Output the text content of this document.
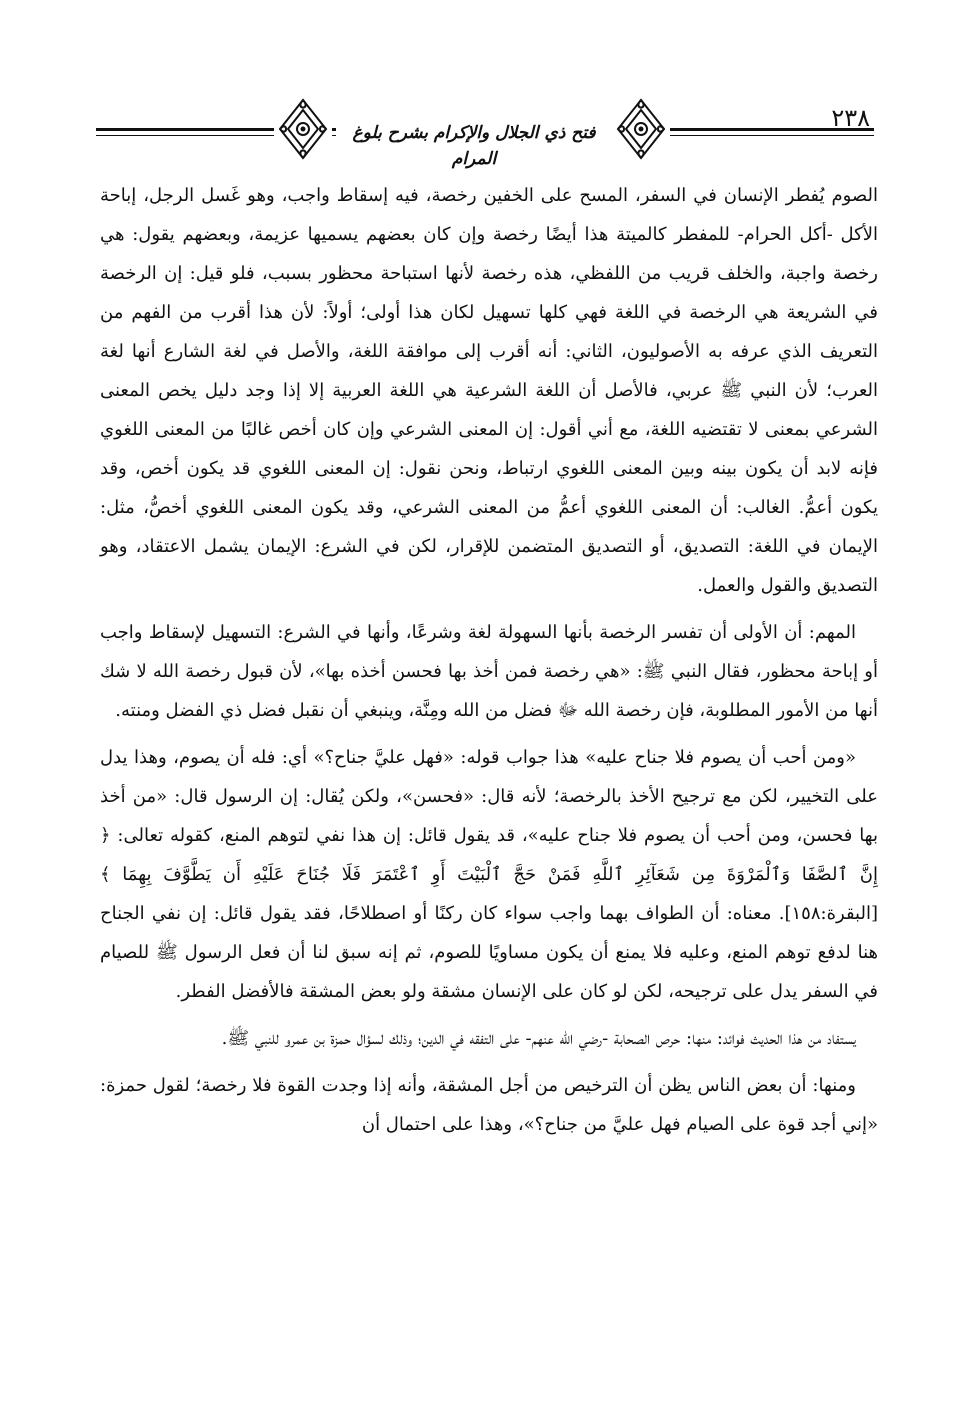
فتح ذي الجلال والإكرام بشرح بلوغ المرام
٢٣٨

الصوم يُفطر الإنسان في السفر، المسح على الخفين رخصة، فيه إسقاط واجب، وهو غَسل الرجل، إباحة الأكل -أكل الحرام- للمفطر كالميتة هذا أيضًا رخصة وإن كان بعضهم يسميها عزيمة، وبعضهم يقول: هي رخصة واجبة، والخلف قريب من اللفظي، هذه رخصة لأنها استباحة محظور بسبب، فلو قيل: إن الرخصة في الشريعة هي الرخصة في اللغة فهي كلها تسهيل لكان هذا أولى؛ أولاً: لأن هذا أقرب من الفهم من التعريف الذي عرفه به الأصوليون، الثاني: أنه أقرب إلى موافقة اللغة، والأصل في لغة الشارع أنها لغة العرب؛ لأن النبي ﷺ عربي، فالأصل أن اللغة الشرعية هي اللغة العربية إلا إذا وجد دليل يخص المعنى الشرعي بمعنى لا تقتضيه اللغة، مع أني أقول: إن المعنى الشرعي وإن كان أخص غالبًا من المعنى اللغوي فإنه لابد أن يكون بينه وبين المعنى اللغوي ارتباط، ونحن نقول: إن المعنى اللغوي قد يكون أخص، وقد يكون أعمُّ. الغالب: أن المعنى اللغوي أعمُّ من المعنى الشرعي، وقد يكون المعنى اللغوي أخصُّ، مثل: الإيمان في اللغة: التصديق، أو التصديق المتضمن للإقرار، لكن في الشرع: الإيمان يشمل الاعتقاد، وهو التصديق والقول والعمل.

المهم: أن الأولى أن تفسر الرخصة بأنها السهولة لغة وشرعًا، وأنها في الشرع: التسهيل لإسقاط واجب أو إباحة محظور، فقال النبي ﷺ: «هي رخصة فمن أخذ بها فحسن أخذه بها»، لأن قبول رخصة الله لا شك أنها من الأمور المطلوبة، فإن رخصة الله ﷻ فضل من الله ومِنَّة، وينبغي أن نقبل فضل ذي الفضل ومنته.

«ومن أحب أن يصوم فلا جناح عليه» هذا جواب قوله: «فهل عليَّ جناح؟» أي: فله أن يصوم، وهذا يدل على التخيير، لكن مع ترجيح الأخذ بالرخصة؛ لأنه قال: «فحسن»، ولكن يُقال: إن الرسول قال: «من أخذ بها فحسن، ومن أحب أن يصوم فلا جناح عليه»، قد يقول قائل: إن هذا نفي لتوهم المنع، كقوله تعالى: ﴿ إِنَّ ٱلصَّفَا وَٱلْمَرْوَةَ مِن شَعَآئِرِ ٱللَّهِ فَمَنْ حَجَّ ٱلْبَيْتَ أَوِ ٱعْتَمَرَ فَلَا جُنَاحَ عَلَيْهِ أَن يَطَّوَّفَ بِهِمَا ﴾ [البقرة:١٥٨]. معناه: أن الطواف بهما واجب سواء كان ركنًا أو اصطلاحًا، فقد يقول قائل: إن نفي الجناح هنا لدفع توهم المنع، وعليه فلا يمنع أن يكون مساويًا للصوم، ثم إنه سبق لنا أن فعل الرسول ﷺ للصيام في السفر يدل على ترجيحه، لكن لو كان على الإنسان مشقة ولو بعض المشقة فالأفضل الفطر.

يستفاد من هذا الحديث فوائد: منها: حرص الصحابة -رضي الله عنهم- على التفقه في الدين؛ وذلك لسؤال حمزة بن عمرو للنبي ﷺ.

ومنها: أن بعض الناس يظن أن الترخيص من أجل المشقة، وأنه إذا وجدت القوة فلا رخصة؛ لقول حمزة: «إني أجد قوة على الصيام فهل عليَّ من جناح؟»، وهذا على احتمال أن
